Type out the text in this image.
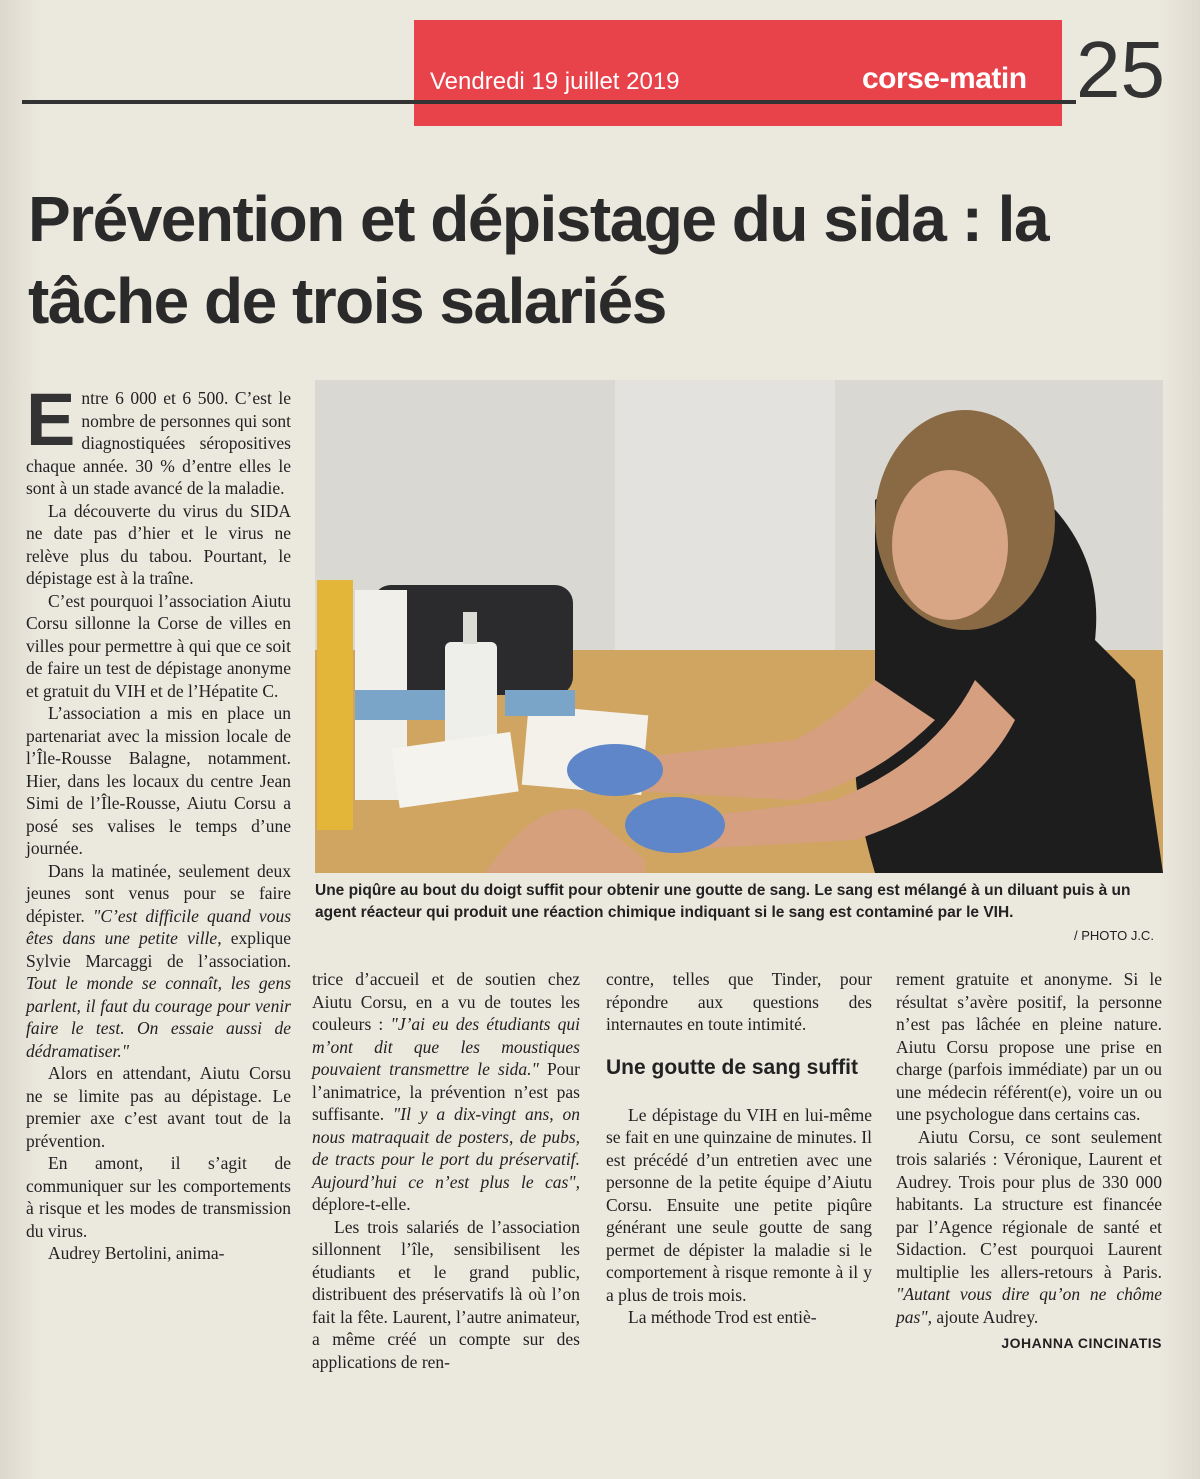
Vendredi 19 juillet 2019	corse-matin 25
Prévention et dépistage du sida : la tâche de trois salariés

Une piqûre au bout du doigt suffit pour obtenir une goutte de sang. Le sang est mélangé à un diluant puis à un agent réacteur qui produit une réaction chimique indiquant si le sang est contaminé par le VIH.

/ PHOTO J.C.

Entre 6 000 et 6 500. C’est le nombre de personnes qui sont diagnostiquées séropositives chaque année. 30 % d’entre elles le sont à un stade avancé de la maladie.

La découverte du virus du SIDA ne date pas d’hier et le virus ne relève plus du tabou. Pourtant, le dépistage est à la traîne.

C’est pourquoi l’association Aiutu Corsu sillonne la Corse de villes en villes pour permettre à qui que ce soit de faire un test de dépistage anonyme et gratuit du VIH et de l’Hépatite C.

L’association a mis en place un partenariat avec la mission locale de l’Île-Rousse Balagne, notamment. Hier, dans les locaux du centre Jean Simi de l’Île-Rousse, Aiutu Corsu a posé ses valises le temps d’une journée.

Dans la matinée, seulement deux jeunes sont venus pour se faire dépister. "C’est difficile quand vous êtes dans une petite ville, explique Sylvie Marcaggi de l’association. Tout le monde se connaît, les gens parlent, il faut du courage pour venir faire le test. On essaie aussi de dédramatiser."

Alors en attendant, Aiutu Corsu ne se limite pas au dépistage. Le premier axe c’est avant tout de la prévention.

En amont, il s’agit de communiquer sur les comportements à risque et les modes de transmission du virus.

Audrey Bertolini, anima-

trice d’accueil et de soutien chez Aiutu Corsu, en a vu de toutes les couleurs : "J’ai eu des étudiants qui m’ont dit que les moustiques pouvaient transmettre le sida." Pour l’animatrice, la prévention n’est pas suffisante. "Il y a dix-vingt ans, on nous matraquait de posters, de pubs, de tracts pour le port du préservatif. Aujourd’hui ce n’est plus le cas", déplore-t-elle.

Les trois salariés de l’association sillonnent l’île, sensibilisent les étudiants et le grand public, distribuent des préservatifs là où l’on fait la fête. Laurent, l’autre animateur, a même créé un compte sur des applications de ren-

contre, telles que Tinder, pour répondre aux questions des internautes en toute intimité.

Une goutte de sang suffit

Le dépistage du VIH en lui-même se fait en une quinzaine de minutes. Il est précédé d’un entretien avec une personne de la petite équipe d’Aiutu Corsu. Ensuite une petite piqûre générant une seule goutte de sang permet de dépister la maladie si le comportement à risque remonte à il y a plus de trois mois.

La méthode Trod est entiè-

rement gratuite et anonyme. Si le résultat s’avère positif, la personne n’est pas lâchée en pleine nature. Aiutu Corsu propose une prise en charge (parfois immédiate) par un ou une médecin référent(e), voire un ou une psychologue dans certains cas.

Aiutu Corsu, ce sont seulement trois salariés : Véronique, Laurent et Audrey. Trois pour plus de 330 000 habitants. La structure est financée par l’Agence régionale de santé et Sidaction. C’est pourquoi Laurent multiplie les allers-retours à Paris. "Autant vous dire qu’on ne chôme pas", ajoute Audrey.

JOHANNA CINCINATIS
